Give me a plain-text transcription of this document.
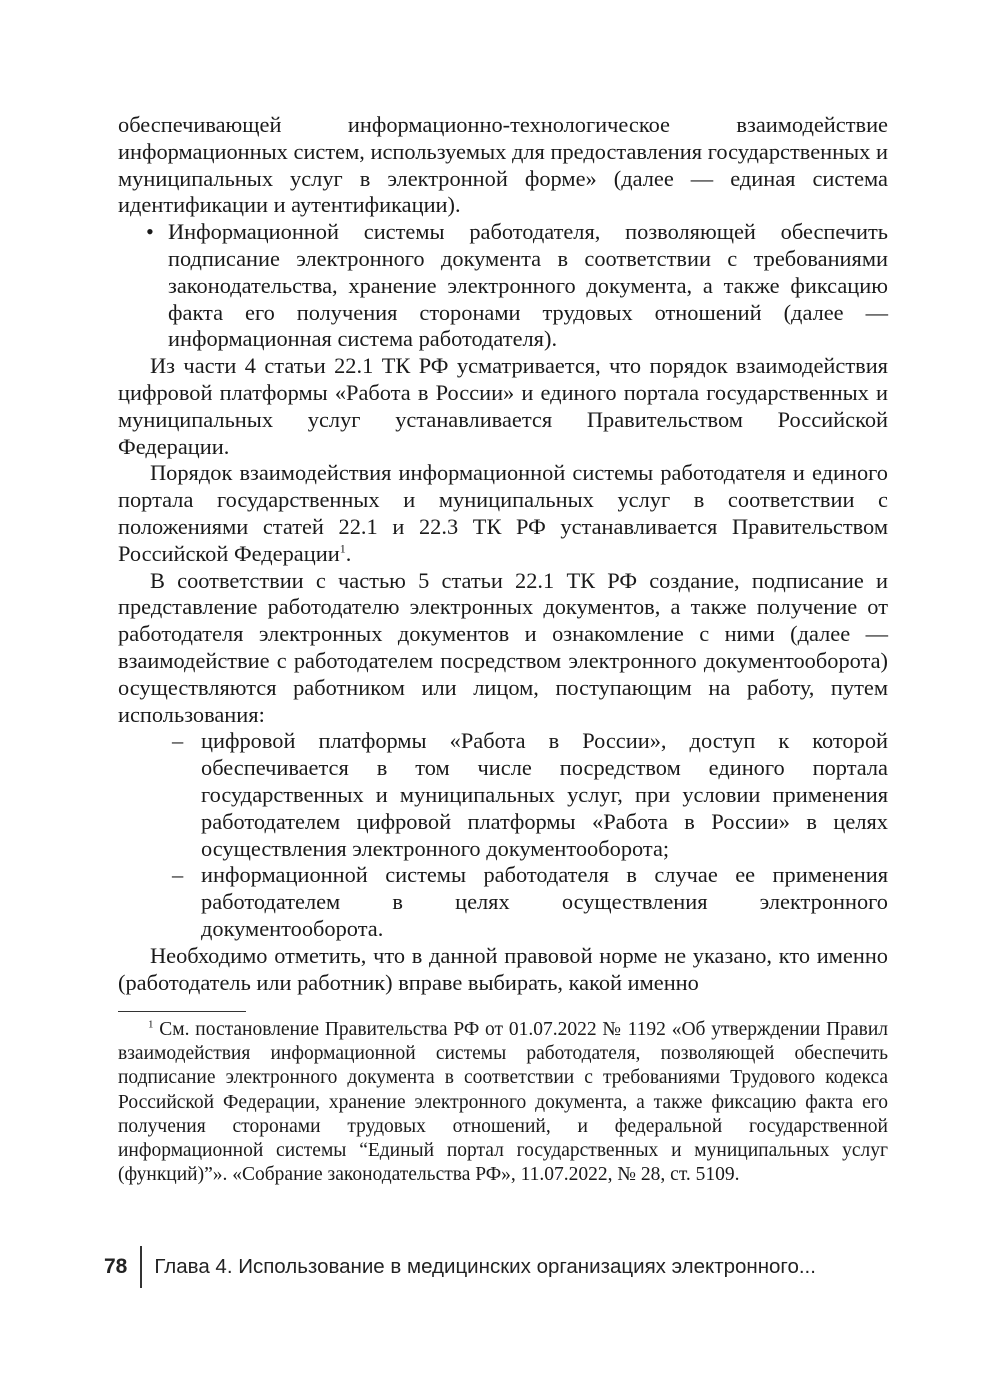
обеспечивающей информационно-технологическое взаимодействие информационных систем, используемых для предоставления государственных и муниципальных услуг в электронной форме» (далее — единая система идентификации и аутентификации).

• Информационной системы работодателя, позволяющей обеспечить подписание электронного документа в соответствии с требованиями законодательства, хранение электронного документа, а также фиксацию факта его получения сторонами трудовых отношений (далее — информационная система работодателя).

Из части 4 статьи 22.1 ТК РФ усматривается, что порядок взаимодействия цифровой платформы «Работа в России» и единого портала государственных и муниципальных услуг устанавливается Правительством Российской Федерации.

Порядок взаимодействия информационной системы работодателя и единого портала государственных и муниципальных услуг в соответствии с положениями статей 22.1 и 22.3 ТК РФ устанавливается Правительством Российской Федерации$^1$.

В соответствии с частью 5 статьи 22.1 ТК РФ создание, подписание и представление работодателю электронных документов, а также получение от работодателя электронных документов и ознакомление с ними (далее — взаимодействие с работодателем посредством электронного документооборота) осуществляются работником или лицом, поступающим на работу, путем использования:

– цифровой платформы «Работа в России», доступ к которой обеспечивается в том числе посредством единого портала государственных и муниципальных услуг, при условии применения работодателем цифровой платформы «Работа в России» в целях осуществления электронного документооборота;

– информационной системы работодателя в случае ее применения работодателем в целях осуществления электронного документооборота.

Необходимо отметить, что в данной правовой норме не указано, кто именно (работодатель или работник) вправе выбирать, какой именно

$^1$ См. постановление Правительства РФ от 01.07.2022 № 1192 «Об утверждении Правил взаимодействия информационной системы работодателя, позволяющей обеспечить подписание электронного документа в соответствии с требованиями Трудового кодекса Российской Федерации, хранение электронного документа, а также фиксацию факта его получения сторонами трудовых отношений, и федеральной государственной информационной системы “Единый портал государственных и муниципальных услуг (функций)”». «Собрание законодательства РФ», 11.07.2022, № 28, ст. 5109.

78 Глава 4. Использование в медицинских организациях электронного...
